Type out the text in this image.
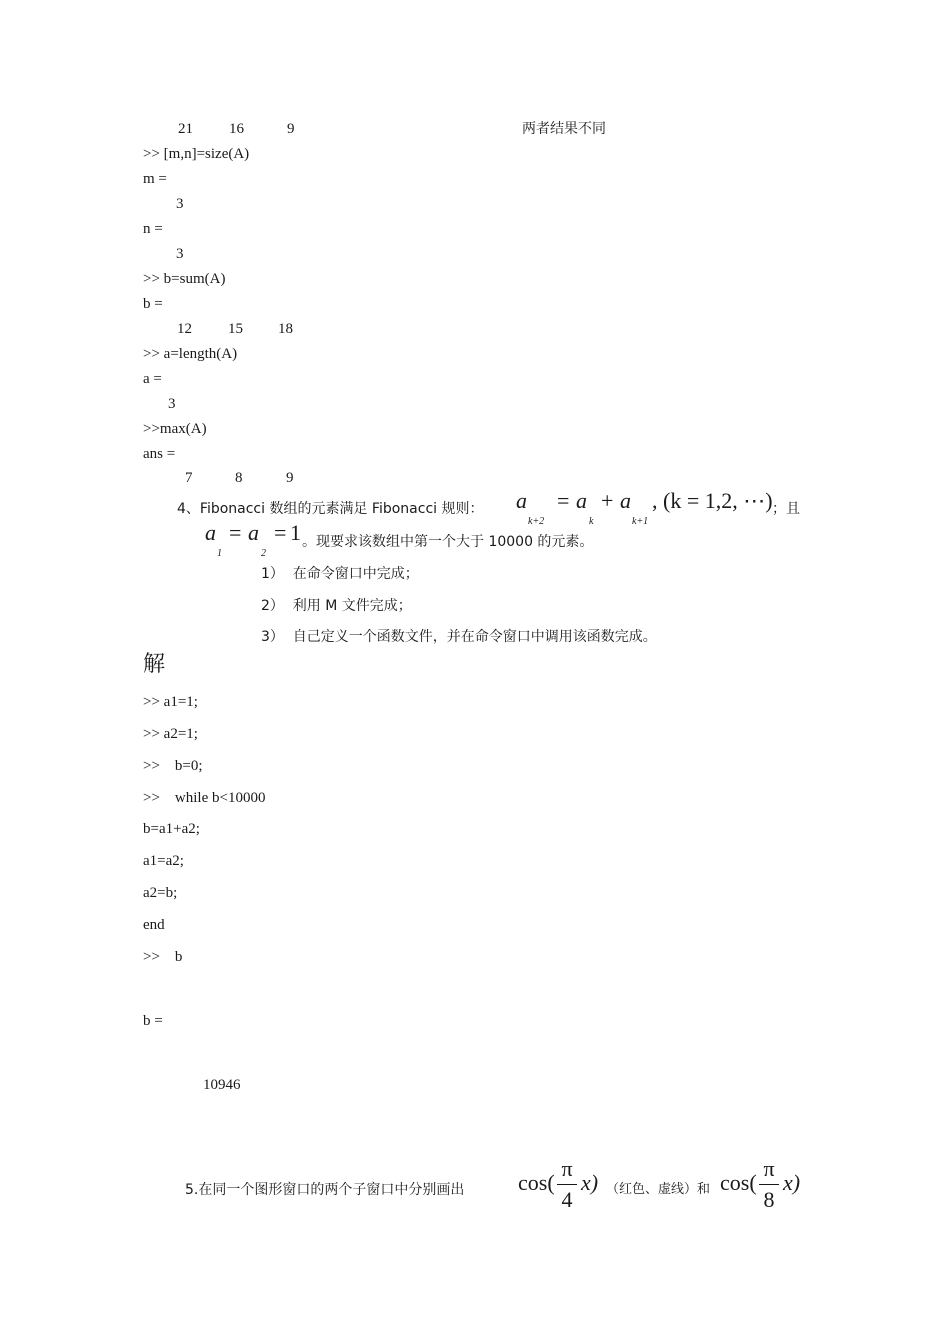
21 16	9	两者结果不同
>> [m,n]=size(A)
m =
3
n =
3
>> b=sum(A)
b =
12 15 18
>> a=length(A)
a =
3
>>max(A)
ans =
7	8	9
4、Fibonacci 数组的元素满足 Fibonacci 规则： a
k+2
= a
k
+ a
k+1
, (k = 1,2, ⋯) ；且
a
1
= a
2
= 1 。现要求该数组中第一个大于 10000 的元素。
1）  在命令窗口中完成；
2）  利用 M 文件完成；
3）  自己定义一个函数文件，并在命令窗口中调用该函数完成。
解
>> a1=1;
>> a2=1;
>>    b=0;
>>    while b<10000
b=a1+a2;
a1=a2;
a2=b;
end
>>    b
b =
10946
5.在同一个图形窗口的两个子窗口中分别画出 cos(
π
4
x) （红色、虚线）和 cos(
π
8
x)
